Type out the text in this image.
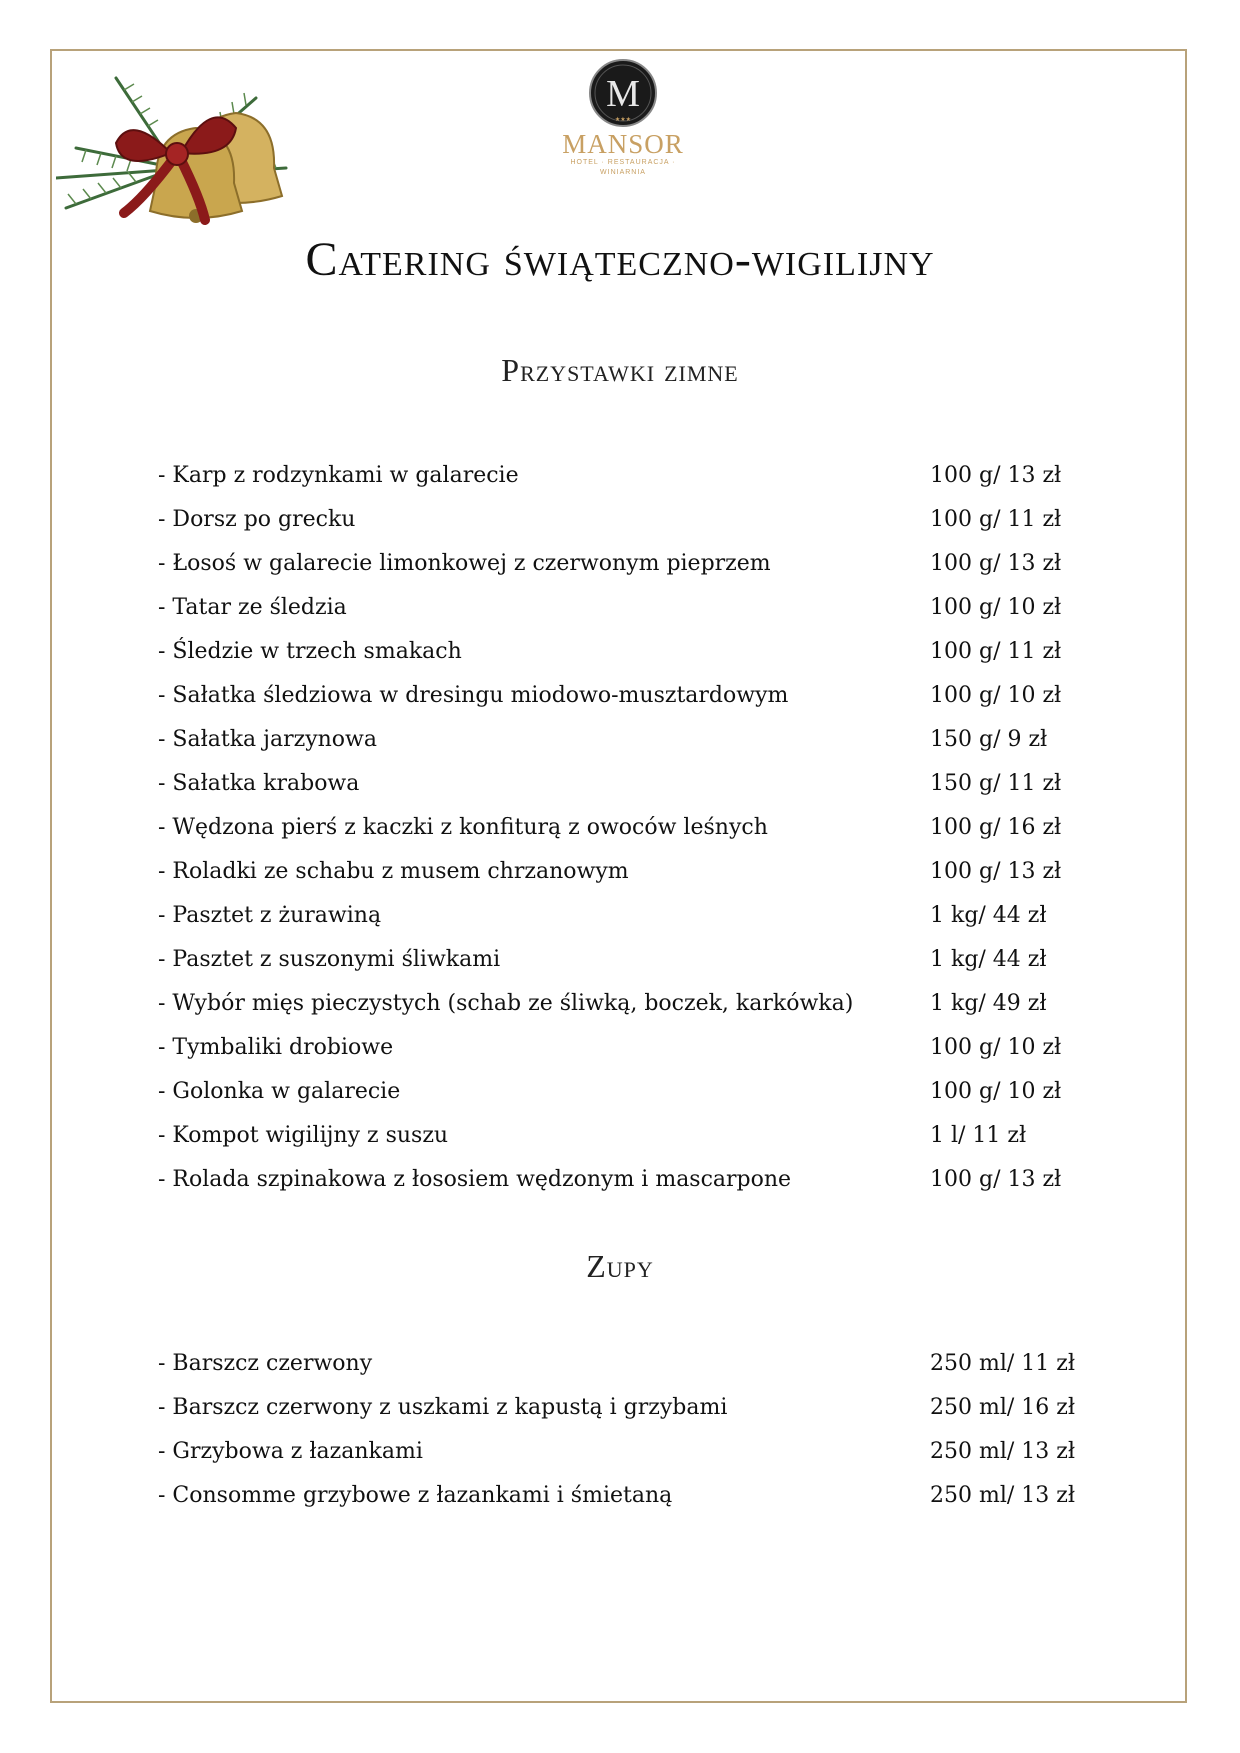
M
★★★
MANSOR
HOTEL · RESTAURACJA · WINIARNIA
Catering świąteczno-wigilijny
Przystawki zimne
- Karp z rodzynkami w galarecie	100 g/ 13 zł
- Dorsz po grecku	100 g/ 11 zł
- Łosoś w galarecie limonkowej z czerwonym pieprzem	100 g/ 13 zł
- Tatar ze śledzia	100 g/ 10 zł
- Śledzie w trzech smakach	100 g/ 11 zł
- Sałatka śledziowa w dresingu miodowo-musztardowym	100 g/ 10 zł
- Sałatka jarzynowa	150 g/ 9 zł
- Sałatka krabowa	150 g/ 11 zł
- Wędzona pierś z kaczki z konfiturą z owoców leśnych	100 g/ 16 zł
- Roladki ze schabu z musem chrzanowym	100 g/ 13 zł
- Pasztet z żurawiną	1 kg/ 44 zł
- Pasztet z suszonymi śliwkami	1 kg/ 44 zł
- Wybór mięs pieczystych (schab ze śliwką, boczek, karkówka)	1 kg/ 49 zł
- Tymbaliki drobiowe	100 g/ 10 zł
- Golonka w galarecie	100 g/ 10 zł
- Kompot wigilijny z suszu	1 l/ 11 zł
- Rolada szpinakowa z łososiem wędzonym i mascarpone	100 g/ 13 zł
Zupy
- Barszcz czerwony	250 ml/ 11 zł
- Barszcz czerwony z uszkami z kapustą i grzybami	250 ml/ 16 zł
- Grzybowa z łazankami	250 ml/ 13 zł
- Consomme grzybowe z łazankami i śmietaną	250 ml/ 13 zł
